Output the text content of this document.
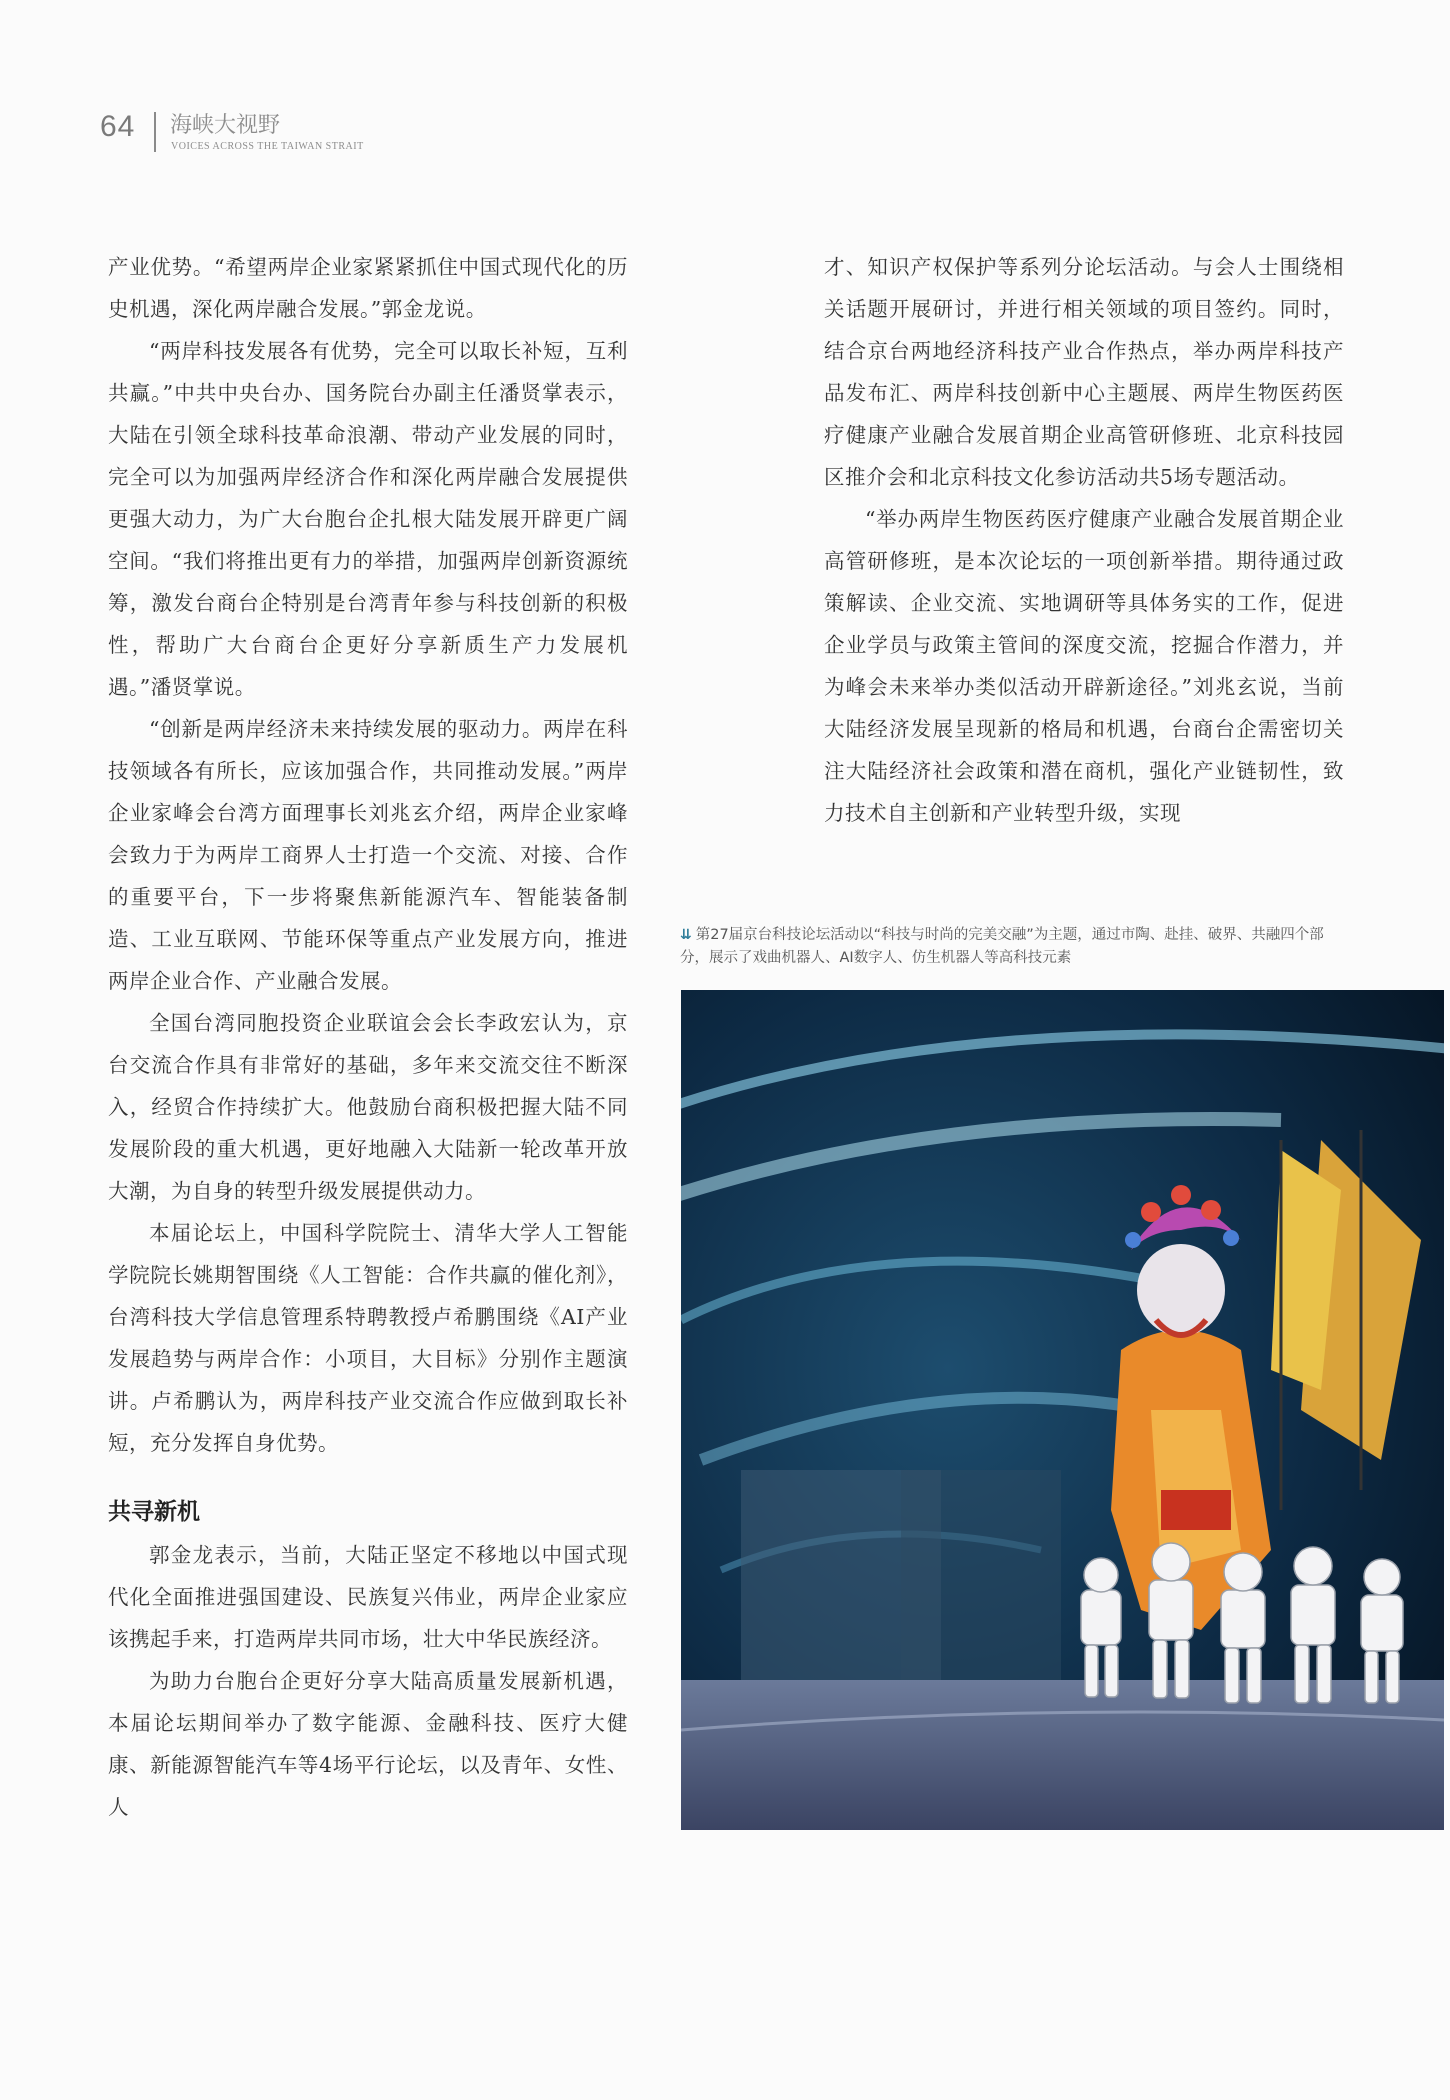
64 海峡大视野
VOICES ACROSS THE TAIWAN STRAIT

产业优势。“希望两岸企业家紧紧抓住中国式现代化的历史机遇，深化两岸融合发展。”郭金龙说。

“两岸科技发展各有优势，完全可以取长补短，互利共赢。”中共中央台办、国务院台办副主任潘贤掌表示，大陆在引领全球科技革命浪潮、带动产业发展的同时，完全可以为加强两岸经济合作和深化两岸融合发展提供更强大动力，为广大台胞台企扎根大陆发展开辟更广阔空间。“我们将推出更有力的举措，加强两岸创新资源统筹，激发台商台企特别是台湾青年参与科技创新的积极性，帮助广大台商台企更好分享新质生产力发展机遇。”潘贤掌说。

“创新是两岸经济未来持续发展的驱动力。两岸在科技领域各有所长，应该加强合作，共同推动发展。”两岸企业家峰会台湾方面理事长刘兆玄介绍，两岸企业家峰会致力于为两岸工商界人士打造一个交流、对接、合作的重要平台，下一步将聚焦新能源汽车、智能装备制造、工业互联网、节能环保等重点产业发展方向，推进两岸企业合作、产业融合发展。

全国台湾同胞投资企业联谊会会长李政宏认为，京台交流合作具有非常好的基础，多年来交流交往不断深入，经贸合作持续扩大。他鼓励台商积极把握大陆不同发展阶段的重大机遇，更好地融入大陆新一轮改革开放大潮，为自身的转型升级发展提供动力。

本届论坛上，中国科学院院士、清华大学人工智能学院院长姚期智围绕《人工智能：合作共赢的催化剂》，台湾科技大学信息管理系特聘教授卢希鹏围绕《AI产业发展趋势与两岸合作：小项目，大目标》分别作主题演讲。卢希鹏认为，两岸科技产业交流合作应做到取长补短，充分发挥自身优势。

共寻新机

郭金龙表示，当前，大陆正坚定不移地以中国式现代化全面推进强国建设、民族复兴伟业，两岸企业家应该携起手来，打造两岸共同市场，壮大中华民族经济。

为助力台胞台企更好分享大陆高质量发展新机遇，本届论坛期间举办了数字能源、金融科技、医疗大健康、新能源智能汽车等4场平行论坛，以及青年、女性、人

才、知识产权保护等系列分论坛活动。与会人士围绕相关话题开展研讨，并进行相关领域的项目签约。同时，结合京台两地经济科技产业合作热点，举办两岸科技产品发布汇、两岸科技创新中心主题展、两岸生物医药医疗健康产业融合发展首期企业高管研修班、北京科技园区推介会和北京科技文化参访活动共5场专题活动。

“举办两岸生物医药医疗健康产业融合发展首期企业高管研修班，是本次论坛的一项创新举措。期待通过政策解读、企业交流、实地调研等具体务实的工作，促进企业学员与政策主管间的深度交流，挖掘合作潜力，并为峰会未来举办类似活动开辟新途径。”刘兆玄说，当前大陆经济发展呈现新的格局和机遇，台商台企需密切关注大陆经济社会政策和潜在商机，强化产业链韧性，致力技术自主创新和产业转型升级，实现

⇊ 第27届京台科技论坛活动以“科技与时尚的完美交融”为主题，通过市陶、赴挂、破界、共融四个部分，展示了戏曲机器人、AI数字人、仿生机器人等高科技元素
